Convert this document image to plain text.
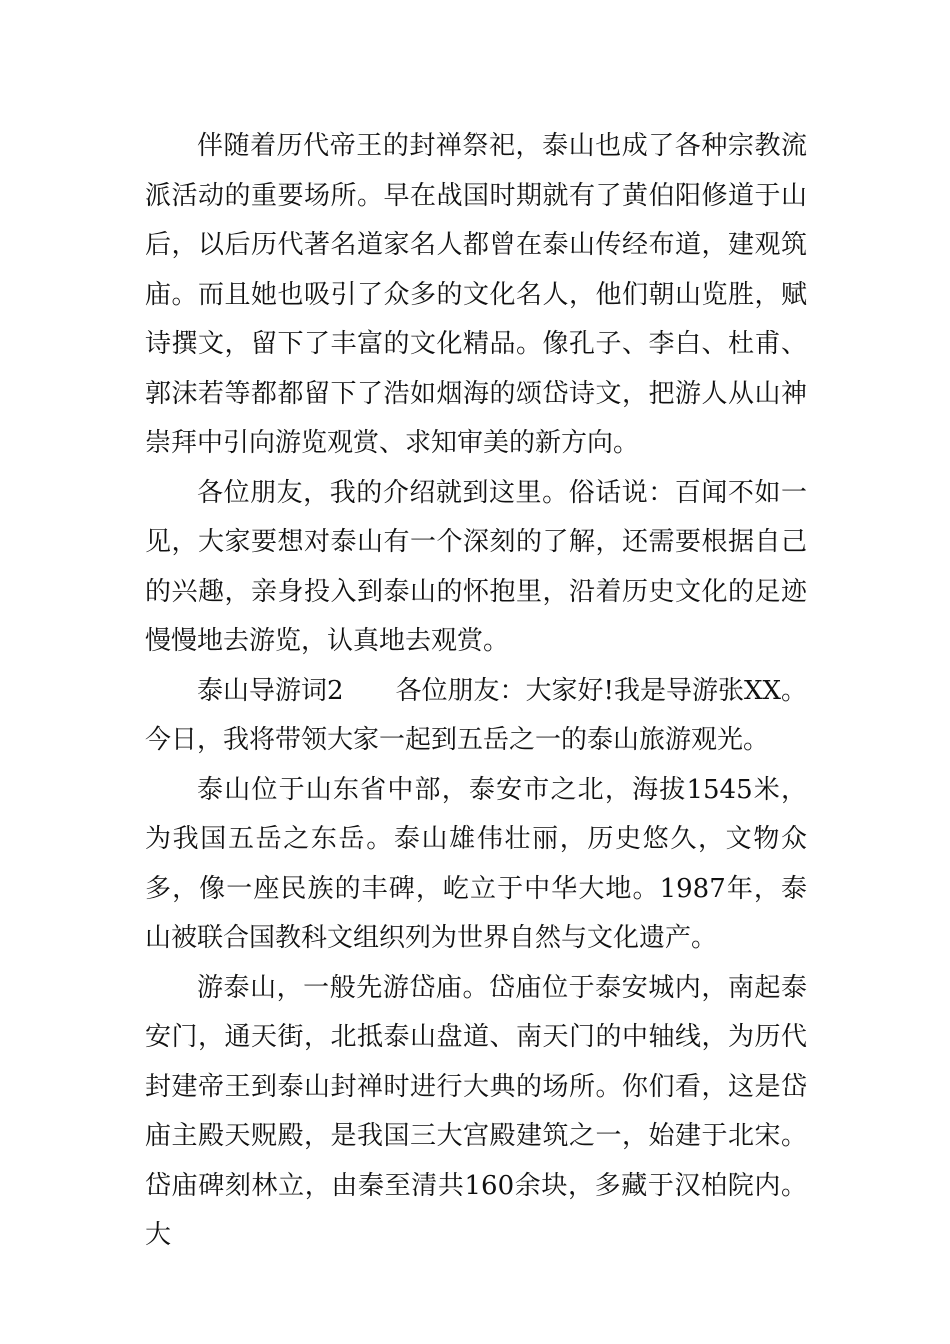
伴随着历代帝王的封禅祭祀，泰山也成了各种宗教流派活动的重要场所。早在战国时期就有了黄伯阳修道于山后，以后历代著名道家名人都曾在泰山传经布道，建观筑庙。而且她也吸引了众多的文化名人，他们朝山览胜，赋诗撰文，留下了丰富的文化精品。像孔子、李白、杜甫、郭沫若等都都留下了浩如烟海的颂岱诗文，把游人从山神崇拜中引向游览观赏、求知审美的新方向。

各位朋友，我的介绍就到这里。俗话说：百闻不如一见，大家要想对泰山有一个深刻的了解，还需要根据自己的兴趣，亲身投入到泰山的怀抱里，沿着历史文化的足迹慢慢地去游览，认真地去观赏。

泰山导游词2　　各位朋友：大家好!我是导游张XX。今日，我将带领大家一起到五岳之一的泰山旅游观光。

泰山位于山东省中部，泰安市之北，海拔1545米，为我国五岳之东岳。泰山雄伟壮丽，历史悠久，文物众多，像一座民族的丰碑，屹立于中华大地。1987年，泰山被联合国教科文组织列为世界自然与文化遗产。

游泰山，一般先游岱庙。岱庙位于泰安城内，南起泰安门，通天街，北抵泰山盘道、南天门的中轴线，为历代封建帝王到泰山封禅时进行大典的场所。你们看，这是岱庙主殿天贶殿，是我国三大宫殿建筑之一，始建于北宋。岱庙碑刻林立，由秦至清共160余块，多藏于汉柏院内。大
